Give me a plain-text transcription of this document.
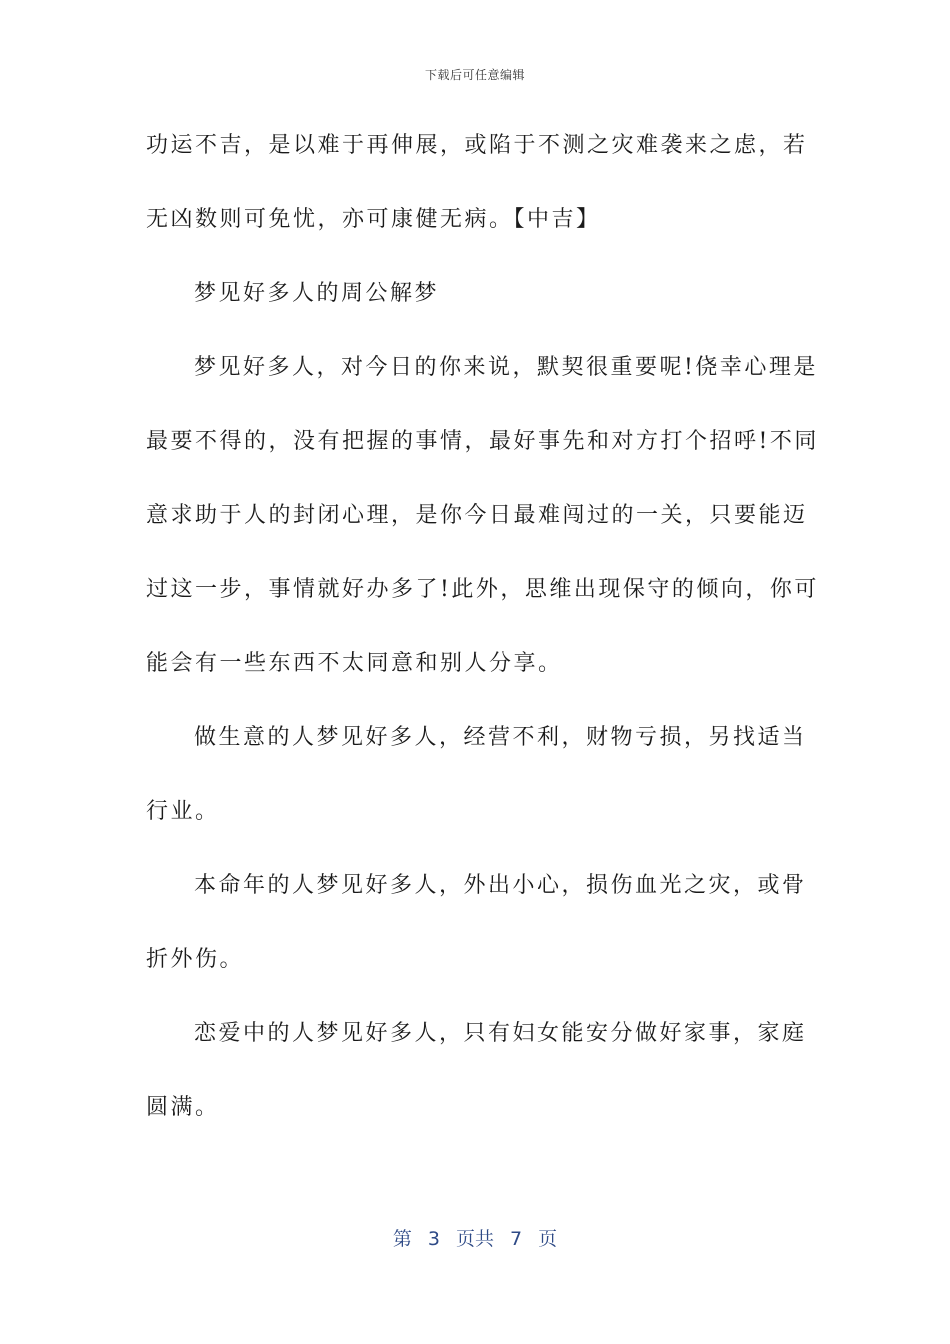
下载后可任意编辑
功运不吉，是以难于再伸展，或陷于不测之灾难袭来之虑，若
无凶数则可免忧，亦可康健无病。【中吉】
梦见好多人的周公解梦
梦见好多人，对今日的你来说，默契很重要呢!侥幸心理是
最要不得的，没有把握的事情，最好事先和对方打个招呼!不同
意求助于人的封闭心理，是你今日最难闯过的一关，只要能迈
过这一步，事情就好办多了!此外，思维出现保守的倾向，你可
能会有一些东西不太同意和别人分享。
做生意的人梦见好多人，经营不利，财物亏损，另找适当
行业。
本命年的人梦见好多人，外出小心，损伤血光之灾，或骨
折外伤。
恋爱中的人梦见好多人，只有妇女能安分做好家事，家庭
圆满。
第 3 页共 7 页
